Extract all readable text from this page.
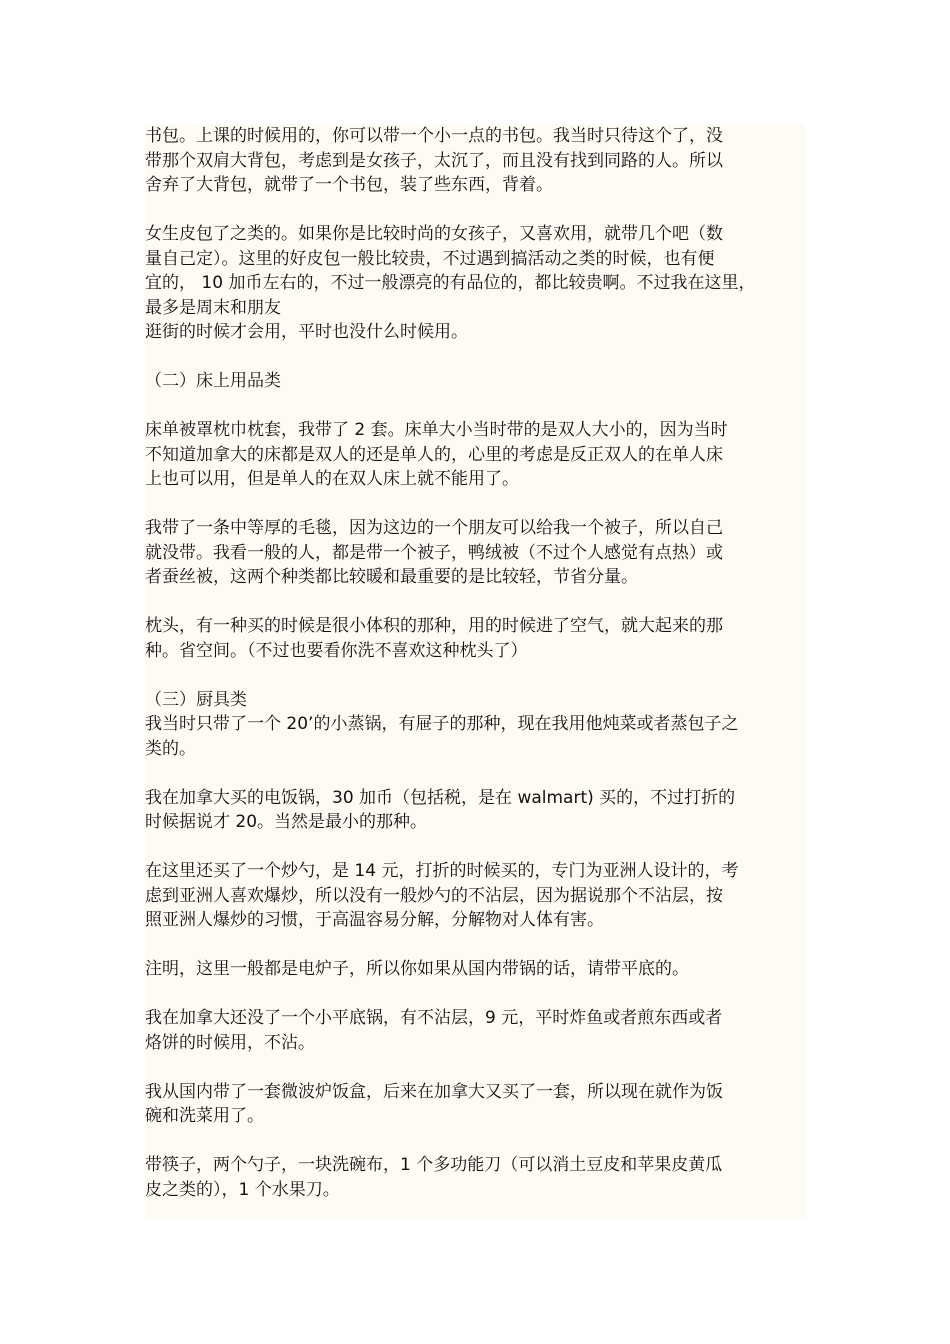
书包。上课的时候用的，你可以带一个小一点的书包。我当时只待这个了，没
带那个双肩大背包，考虑到是女孩子，太沉了，而且没有找到同路的人。所以
舍弃了大背包，就带了一个书包，装了些东西，背着。

女生皮包了之类的。如果你是比较时尚的女孩子，又喜欢用，就带几个吧（数
量自己定）。这里的好皮包一般比较贵，不过遇到搞活动之类的时候，也有便
宜的， 10 加币左右的，不过一般漂亮的有品位的，都比较贵啊。不过我在这里，
最多是周末和朋友
逛街的时候才会用，平时也没什么时候用。

（二）床上用品类

床单被罩枕巾枕套，我带了 2 套。床单大小当时带的是双人大小的，因为当时
不知道加拿大的床都是双人的还是单人的，心里的考虑是反正双人的在单人床
上也可以用，但是单人的在双人床上就不能用了。

我带了一条中等厚的毛毯，因为这边的一个朋友可以给我一个被子，所以自己
就没带。我看一般的人，都是带一个被子，鸭绒被（不过个人感觉有点热）或
者蚕丝被，这两个种类都比较暖和最重要的是比较轻，节省分量。

枕头，有一种买的时候是很小体积的那种，用的时候进了空气，就大起来的那
种。省空间。（不过也要看你洗不喜欢这种枕头了）

（三）厨具类

我当时只带了一个 20’的小蒸锅，有屉子的那种，现在我用他炖菜或者蒸包子之
类的。

我在加拿大买的电饭锅，30 加币（包括税，是在 walmart) 买的，不过打折的
时候据说才 20。当然是最小的那种。

在这里还买了一个炒勺，是 14 元，打折的时候买的，专门为亚洲人设计的，考
虑到亚洲人喜欢爆炒，所以没有一般炒勺的不沾层，因为据说那个不沾层，按
照亚洲人爆炒的习惯，于高温容易分解，分解物对人体有害。

注明，这里一般都是电炉子，所以你如果从国内带锅的话，请带平底的。

我在加拿大还没了一个小平底锅，有不沾层，9 元，平时炸鱼或者煎东西或者
烙饼的时候用，不沾。

我从国内带了一套微波炉饭盒，后来在加拿大又买了一套，所以现在就作为饭
碗和洗菜用了。

带筷子，两个勺子，一块洗碗布，1 个多功能刀（可以消土豆皮和苹果皮黄瓜
皮之类的），1 个水果刀。
